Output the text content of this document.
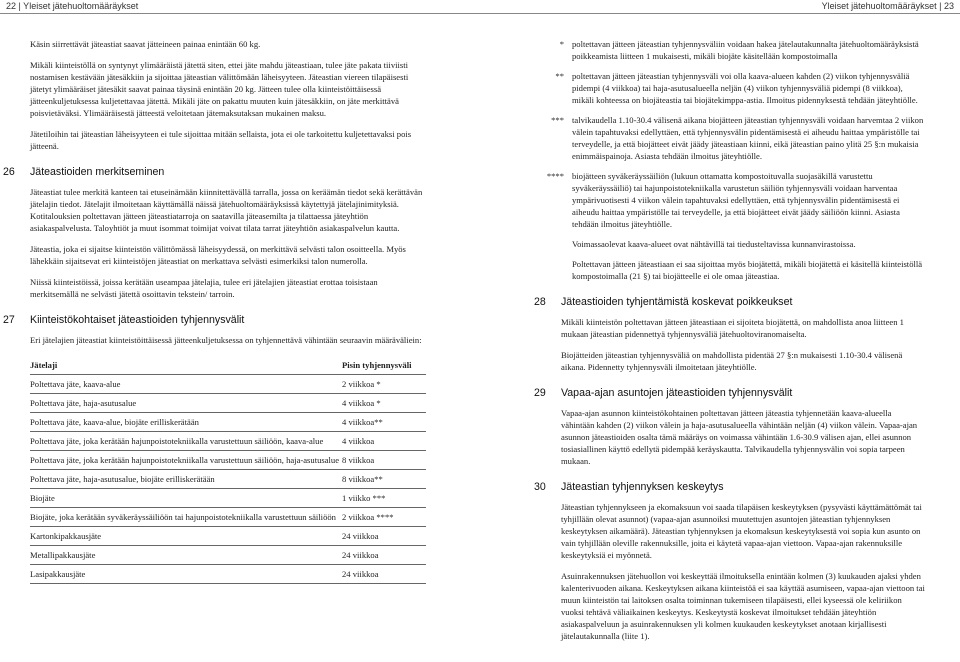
22 | Yleiset jätehuoltomääräykset	Yleiset jätehuoltomääräykset | 23

Käsin siirrettävät jäteastiat saavat jätteineen painaa enintään 60 kg.

Mikäli kiinteistöllä on syntynyt ylimääräistä jätettä siten, ettei jäte mahdu jäteastiaan, tulee jäte pakata tiiviisti nostamisen kestävään jätesäkkiin ja sijoittaa jäteastian välittömään läheisyyteen. Jäteastian viereen tilapäisesti jätetyt ylimääräiset jätesäkit saavat painaa täysinä enintään 20 kg. Jätteen tulee olla kiinteistöittäisessä jätteenkuljetuksessa kuljetettavaa jätettä. Mikäli jäte on pakattu muuten kuin jätesäkkiin, on jäte merkittävä poisvietäväksi. Ylimääräisestä jätteestä veloitetaan jätemaksutaksan mukainen maksu.

Jätetiloihin tai jäteastian läheisyyteen ei tule sijoittaa mitään sellaista, jota ei ole tarkoitettu kuljetettavaksi pois jätteenä.

26 Jäteastioiden merkitseminen

Jäteastiat tulee merkitä kanteen tai etuseinämään kiinnitettävällä tarralla, jossa on keräämän tiedot sekä kerättävän jätelajin tiedot. Jätelajit ilmoitetaan käyttämällä näissä jätehuoltomääräyksissä käytettyjä jätelajinimityksiä. Kotitalouksien poltettavan jätteen jäteastiatarroja on saatavilla jäteasemilta ja tilattaessa jäteyhtiön asiakaspalvelusta. Taloyhtiöt ja muut isommat toimijat voivat tilata tarrat jäteyhtiön asiakaspalvelun kautta.

Jäteastia, joka ei sijaitse kiinteistön välittömässä läheisyydessä, on merkittävä selvästi talon osoitteella. Myös lähekkäin sijaitsevat eri kiinteistöjen jäteastiat on merkattava selvästi esimerkiksi talon numerolla.

Niissä kiinteistöissä, joissa kerätään useampaa jätelajia, tulee eri jätelajien jäteastiat erottaa toisistaan merkitsemällä ne selvästi jätettä osoittavin tekstein/ tarroin.

27 Kiinteistökohtaiset jäteastioiden tyhjennysvälit

Eri jätelajien jäteastiat kiinteistöittäisessä jätteenkuljetuksessa on tyhjennettävä vähintään seuraavin määräväliein:

Jätelaji	Pisin tyhjennysväli
Poltettava jäte, kaava-alue	2 viikkoa *
Poltettava jäte, haja-asutusalue	4 viikkoa *
Poltettava jäte, kaava-alue, biojäte erilliskerätään	4 viikkoa**
Poltettava jäte, joka kerätään hajunpoistotekniikalla varustettuun säiliöön, kaava-alue	4 viikkoa
Poltettava jäte, joka kerätään hajunpoistotekniikalla varustettuun säiliöön, haja-asutusalue	8 viikkoa
Poltettava jäte, haja-asutusalue, biojäte erilliskerätään	8 viikkoa**
Biojäte	1 viikko ***
Biojäte, joka kerätään syväkeräyssäiliöön tai hajunpoistotekniikalla varustettuun säiliöön	2 viikkoa ****
Kartonkipakkausjäte	24 viikkoa
Metallipakkausjäte	24 viikkoa
Lasipakkausjäte	24 viikkoa
* poltettavan jätteen jäteastian tyhjennysväliin voidaan hakea jätelautakunnalta jätehuoltomääräyksistä poikkeamista liitteen 1 mukaisesti, mikäli biojäte käsitellään kompostoimalla
** poltettavan jätteen jäteastian tyhjennysväli voi olla kaava-alueen kahden (2) viikon tyhjennysväliä pidempi (4 viikkoa) tai haja-asutusalueella neljän (4) viikon tyhjennysväliä pidempi (8 viikkoa), mikäli kohteessa on biojäteastia tai biojätekimppa-astia. Ilmoitus pidennyksestä tehdään jäteyhtiölle.
*** talvikaudella 1.10-30.4 välisenä aikana biojätteen jäteastian tyhjennysväli voidaan harvemtaa 2 viikon välein tapahtuvaksi edellyttäen, että tyhjennysvälin pidentämisestä ei aiheudu haittaa ympäristölle tai terveydelle, ja että biojätteet eivät jäädy jäteastiaan kiinni, eikä jäteastian paino ylitä 25 §:n mukaisia enimmäispainoja. Asiasta tehdään ilmoitus jäteyhtiölle.
**** biojätteen syväkeräyssäiliön (lukuun ottamatta kompostoituvalla suojasäkillä varustettu syväkeräyssäiliö) tai hajunpoistotekniikalla varustetun säiliön tyhjennysväli voidaan harventaa ympärivuotisesti 4 viikon välein tapahtuvaksi edellyttäen, että tyhjennysvälin pidentämisestä ei aiheudu haittaa ympäristölle tai terveydelle, ja että biojätteet eivät jäädy säiliöön kiinni. Asiasta tehdään ilmoitus jäteyhtiölle.
Voimassaolevat kaava-alueet ovat nähtävillä tai tiedusteltavissa kunnanvirastoissa.
Poltettavan jätteen jäteastiaan ei saa sijoittaa myös biojätettä, mikäli biojätettä ei käsitellä kiinteistöllä kompostoimalla (21 §) tai biojätteelle ei ole omaa jäteastiaa.
28 Jäteastioiden tyhjentämistä koskevat poikkeukset

Mikäli kiinteistön poltettavan jätteen jäteastiaan ei sijoiteta biojätettä, on mahdollista anoa liitteen 1 mukaan jäteastian pidennettyä tyhjennysväliä jätehuoltoviranomaiselta.

Biojätteiden jäteastian tyhjennysväliä on mahdollista pidentää 27 §:n mukaisesti 1.10-30.4 välisenä aikana. Pidennetty tyhjennysväli ilmoitetaan jäteyhtiölle.

29 Vapaa-ajan asuntojen jäteastioiden tyhjennysvälit

Vapaa-ajan asunnon kiinteistökohtainen poltettavan jätteen jäteastia tyhjennetään kaava-alueella vähintään kahden (2) viikon välein ja haja-asutusalueella vähintään neljän (4) viikon välein. Vapaa-ajan asunnon jäteastioiden osalta tämä määräys on voimassa vähintään 1.6-30.9 välisen ajan, ellei asunnon tosiasiallinen käyttö edellytä pidempää keräyskautta. Talvikaudella tyhjennysvälin voi sopia tarpeen mukaan.

30 Jäteastian tyhjennyksen keskeytys

Jäteastian tyhjennykseen ja ekomaksuun voi saada tilapäisen keskeytyksen (pysyvästi käyttämättömät tai tyhjillään olevat asunnot) (vapaa-ajan asunnoiksi muutettujen asuntojen jäteastian tyhjennyksen keskeytyksen aikamäärä). Jäteastian tyhjennyksen ja ekomaksun keskeytyksestä voi sopia kun asunto on vain tyhjillään oleville rakennuksille, joita ei käytetä vapaa-ajan viettoon. Vapaa-ajan rakennuksille keskeytyksiä ei myönnetä.

Asuinrakennuksen jätehuollon voi keskeyttää ilmoituksella enintään kolmen (3) kuukauden ajaksi yhden kalenterivuoden aikana. Keskeytyksen aikana kiinteistöä ei saa käyttää asumiseen, vapaa-ajan viettoon tai muun kiinteistön tai laitoksen osalta toiminnan tukemiseen tilapäisesti, ellei kyseessä ole keliriikon vuoksi tehtävä väliaikainen keskeytys. Keskeytystä koskevat ilmoitukset tehdään jäteyhtiön asiakaspalveluun ja asuinrakennuksen yli kolmen kuukauden keskeytykset anotaan kirjallisesti jätelautakunnalla (liite 1).
